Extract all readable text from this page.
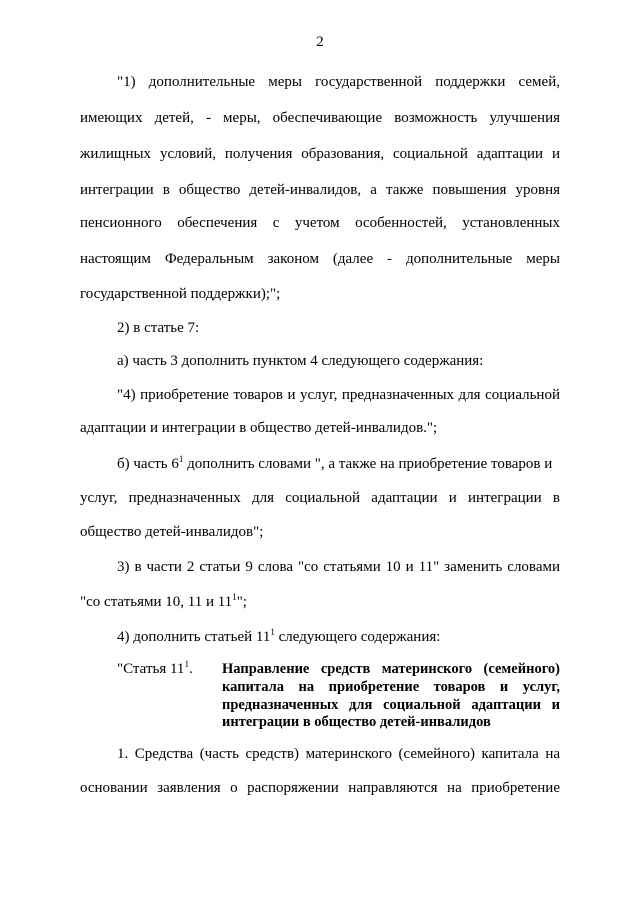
2
"1) дополнительные меры государственной поддержки семей,
имеющих детей, - меры, обеспечивающие возможность улучшения
жилищных условий, получения образования, социальной адаптации и
интеграции в общество детей-инвалидов, а также повышения уровня
пенсионного обеспечения с учетом особенностей, установленных
настоящим Федеральным законом (далее - дополнительные меры
государственной поддержки);";
2) в статье 7:
а) часть 3 дополнить пунктом 4 следующего содержания:
"4) приобретение товаров и услуг, предназначенных для социальной
адаптации и интеграции в общество детей-инвалидов.";
б) часть $6^1$ дополнить словами ", а также на приобретение товаров и
услуг, предназначенных для социальной адаптации и интеграции в
общество детей-инвалидов";
3) в части 2 статьи 9 слова "со статьями 10 и 11" заменить словами
"со статьями 10, 11 и $11^1$";
4) дополнить статьей $11^1$ следующего содержания:
"Статья $11^1$. Направление средств материнского (семейного)
капитала на приобретение товаров и услуг,
предназначенных для социальной адаптации и
интеграции в общество детей-инвалидов
1. Средства (часть средств) материнского (семейного) капитала на
основании заявления о распоряжении направляются на приобретение
